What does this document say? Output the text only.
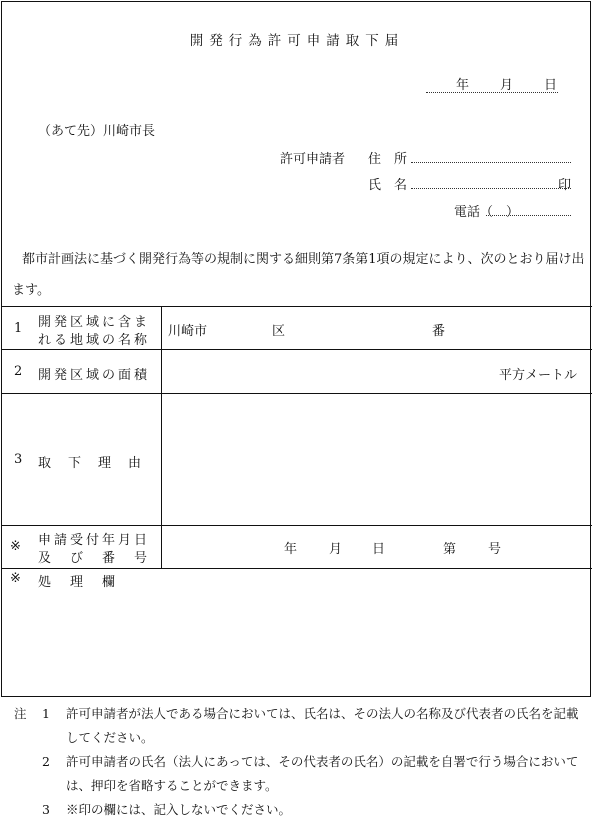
開発行為許可申請取下届
年 月 日
（あて先）川崎市長
許可申請者 住　所
氏　名	印
電話（　）
都市計画法に基づく開発行為等の規制に関する細則第7条第1項の規定により、次のとおり届け出ます。
1 開発区域に含ま
れる地域の名称
川崎市	区	番
2 開発区域の面積	平方メートル
3 取　下　理　由
※ 申請受付年月日
及　び　番　号
年 月 日	第 号
※ 処　理　欄
注 1 許可申請者が法人である場合においては、氏名は、その法人の名称及び代表者の氏名を記載してください。
2 許可申請者の氏名（法人にあっては、その代表者の氏名）の記載を自署で行う場合においては、押印を省略することができます。
3 ※印の欄には、記入しないでください。
